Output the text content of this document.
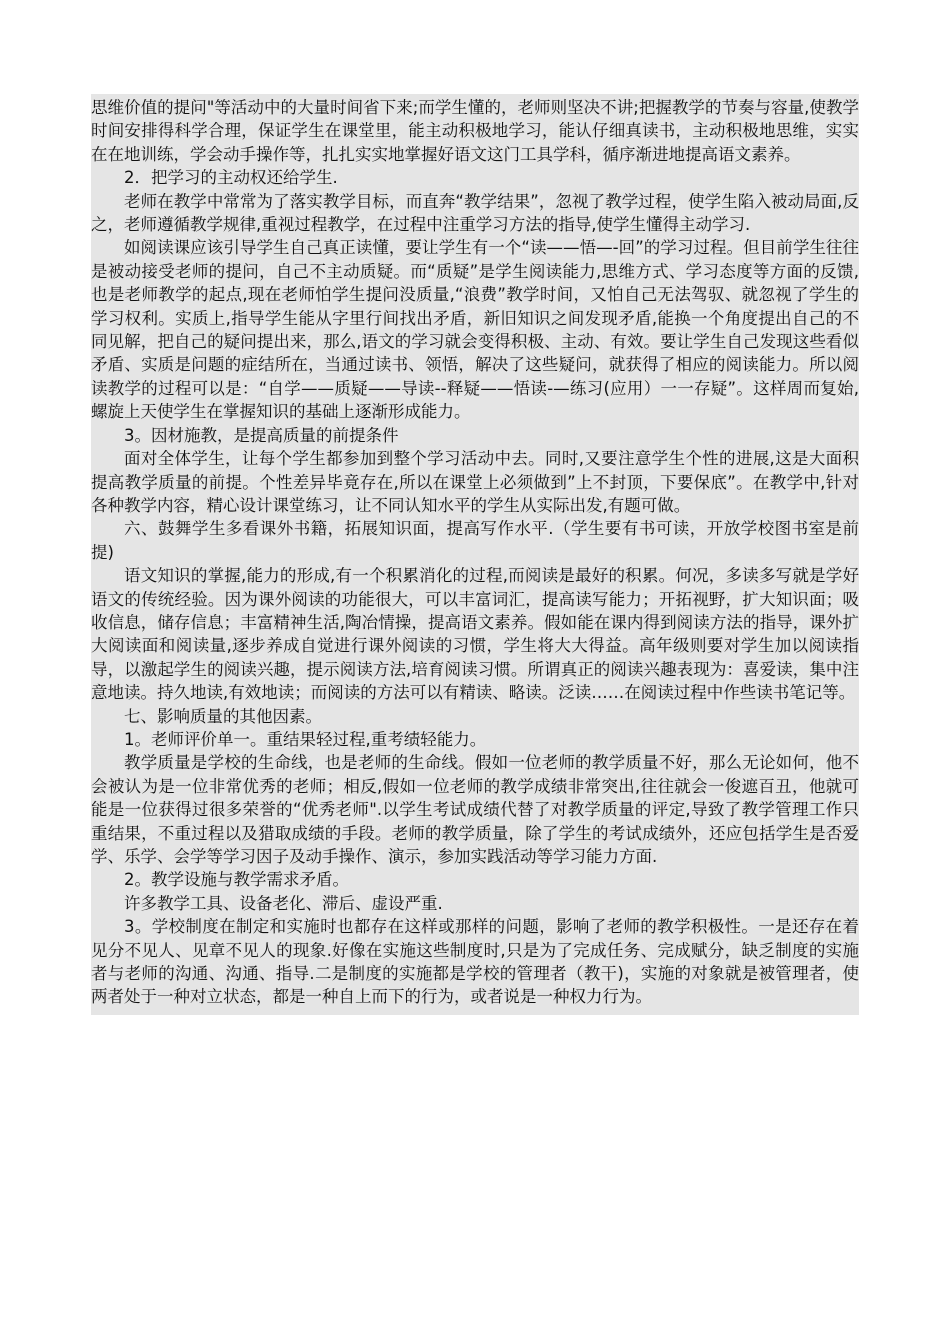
思维价值的提问"等活动中的大量时间省下来;而学生懂的，老师则坚决不讲;把握教学的节奏与容量,使教学时间安排得科学合理，保证学生在课堂里，能主动积极地学习，能认仔细真读书，主动积极地思维，实实在在地训练，学会动手操作等，扎扎实实地掌握好语文这门工具学科，循序渐进地提高语文素养。

2．把学习的主动权还给学生.

老师在教学中常常为了落实教学目标，而直奔“教学结果”，忽视了教学过程，使学生陷入被动局面,反之，老师遵循教学规律,重视过程教学，在过程中注重学习方法的指导,使学生懂得主动学习.

如阅读课应该引导学生自己真正读懂，要让学生有一个“读——悟—-回”的学习过程。但目前学生往往是被动接受老师的提问，自己不主动质疑。而“质疑”是学生阅读能力,思维方式、学习态度等方面的反馈,也是老师教学的起点,现在老师怕学生提问没质量,“浪费”教学时间，又怕自己无法驾驭、就忽视了学生的学习权利。实质上,指导学生能从字里行间找出矛盾，新旧知识之间发现矛盾,能换一个角度提出自己的不同见解，把自己的疑问提出来，那么,语文的学习就会变得积极、主动、有效。要让学生自己发现这些看似矛盾、实质是问题的症结所在，当通过读书、领悟，解决了这些疑问，就获得了相应的阅读能力。所以阅读教学的过程可以是：“自学——质疑——导读--释疑——悟读-—练习(应用）一一存疑”。这样周而复始,螺旋上天使学生在掌握知识的基础上逐渐形成能力。

3。因材施教，是提高质量的前提条件

面对全体学生，让每个学生都参加到整个学习活动中去。同时,又要注意学生个性的进展,这是大面积提高教学质量的前提。个性差异毕竟存在,所以在课堂上必须做到”上不封顶，下要保底”。在教学中,针对各种教学内容，精心设计课堂练习，让不同认知水平的学生从实际出发,有题可做。

六、鼓舞学生多看课外书籍，拓展知识面，提高写作水平.（学生要有书可读，开放学校图书室是前提)

语文知识的掌握,能力的形成,有一个积累消化的过程,而阅读是最好的积累。何况，多读多写就是学好语文的传统经验。因为课外阅读的功能很大，可以丰富词汇，提高读写能力；开拓视野，扩大知识面；吸收信息，储存信息；丰富精神生活,陶冶情操，提高语文素养。假如能在课内得到阅读方法的指导，课外扩大阅读面和阅读量,逐步养成自觉进行课外阅读的习惯，学生将大大得益。高年级则要对学生加以阅读指导，以激起学生的阅读兴趣，提示阅读方法,培育阅读习惯。所谓真正的阅读兴趣表现为：喜爱读，集中注意地读。持久地读,有效地读；而阅读的方法可以有精读、略读。泛读……在阅读过程中作些读书笔记等。

七、影响质量的其他因素。

1。老师评价单一。重结果轻过程,重考绩轻能力。

教学质量是学校的生命线，也是老师的生命线。假如一位老师的教学质量不好，那么无论如何，他不会被认为是一位非常优秀的老师；相反,假如一位老师的教学成绩非常突出,往往就会一俊遮百丑，他就可能是一位获得过很多荣誉的“优秀老师".以学生考试成绩代替了对教学质量的评定,导致了教学管理工作只重结果，不重过程以及猎取成绩的手段。老师的教学质量，除了学生的考试成绩外，还应包括学生是否爱学、乐学、会学等学习因子及动手操作、演示，参加实践活动等学习能力方面.

2。教学设施与教学需求矛盾。

许多教学工具、设备老化、滞后、虚设严重.

3。学校制度在制定和实施时也都存在这样或那样的问题，影响了老师的教学积极性。一是还存在着见分不见人、见章不见人的现象.好像在实施这些制度时,只是为了完成任务、完成赋分，缺乏制度的实施者与老师的沟通、沟通、指导.二是制度的实施都是学校的管理者（教干)，实施的对象就是被管理者，使两者处于一种对立状态，都是一种自上而下的行为，或者说是一种权力行为。
